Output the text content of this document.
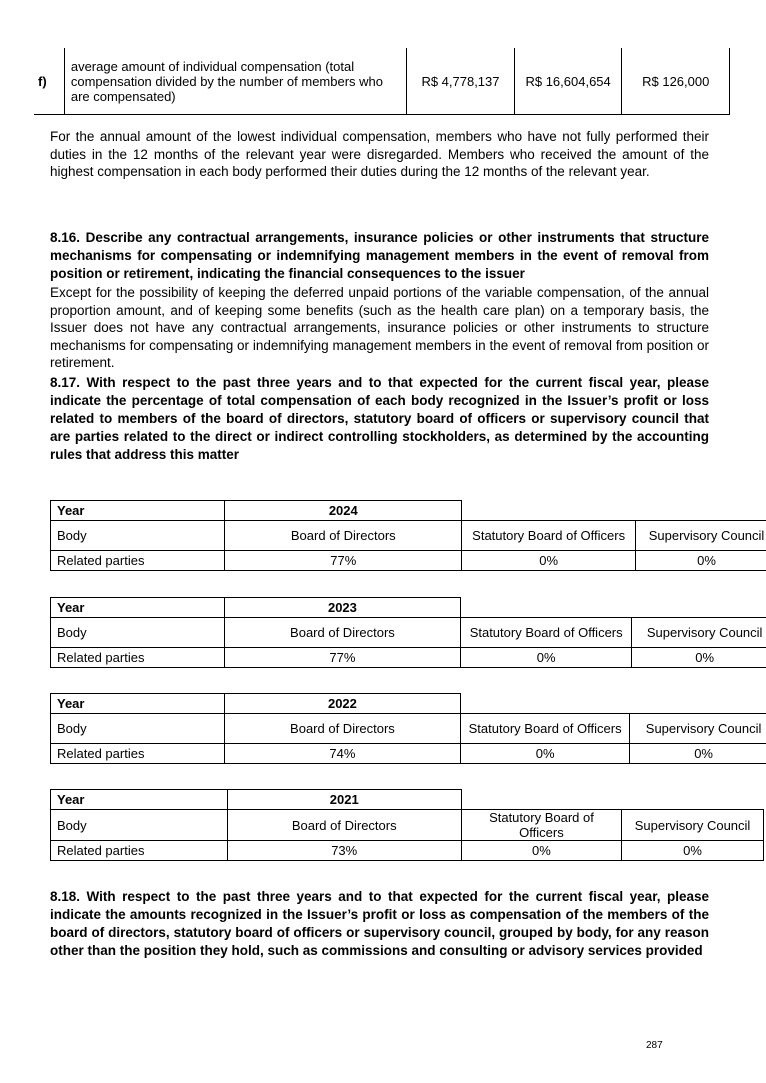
f)	average amount of individual compensation (total compensation divided by the number of members who are compensated)	R$ 4,778,137	R$ 16,604,654	R$ 126,000
For the annual amount of the lowest individual compensation, members who have not fully performed their duties in the 12 months of the relevant year were disregarded. Members who received the amount of the highest compensation in each body performed their duties during the 12 months of the relevant year.
8.16. Describe any contractual arrangements, insurance policies or other instruments that structure mechanisms for compensating or indemnifying management members in the event of removal from position or retirement, indicating the financial consequences to the issuer
Except for the possibility of keeping the deferred unpaid portions of the variable compensation, of the annual proportion amount, and of keeping some benefits (such as the health care plan) on a temporary basis, the Issuer does not have any contractual arrangements, insurance policies or other instruments to structure mechanisms for compensating or indemnifying management members in the event of removal from position or retirement.
8.17. With respect to the past three years and to that expected for the current fiscal year, please indicate the percentage of total compensation of each body recognized in the Issuer’s profit or loss related to members of the board of directors, statutory board of officers or supervisory council that are parties related to the direct or indirect controlling stockholders, as determined by the accounting rules that address this matter
Year	2024		
Body	Board of Directors	Statutory Board of Officers	Supervisory Council
Related parties	77%	0%	0%
Year	2023		
Body	Board of Directors	Statutory Board of Officers	Supervisory Council
Related parties	77%	0%	0%
Year	2022		
Body	Board of Directors	Statutory Board of Officers	Supervisory Council
Related parties	74%	0%	0%
Year	2021		
Body	Board of Directors	Statutory Board of Officers	Supervisory Council
Related parties	73%	0%	0%
8.18. With respect to the past three years and to that expected for the current fiscal year, please indicate the amounts recognized in the Issuer’s profit or loss as compensation of the members of the board of directors, statutory board of officers or supervisory council, grouped by body, for any reason other than the position they hold, such as commissions and consulting or advisory services provided
287
